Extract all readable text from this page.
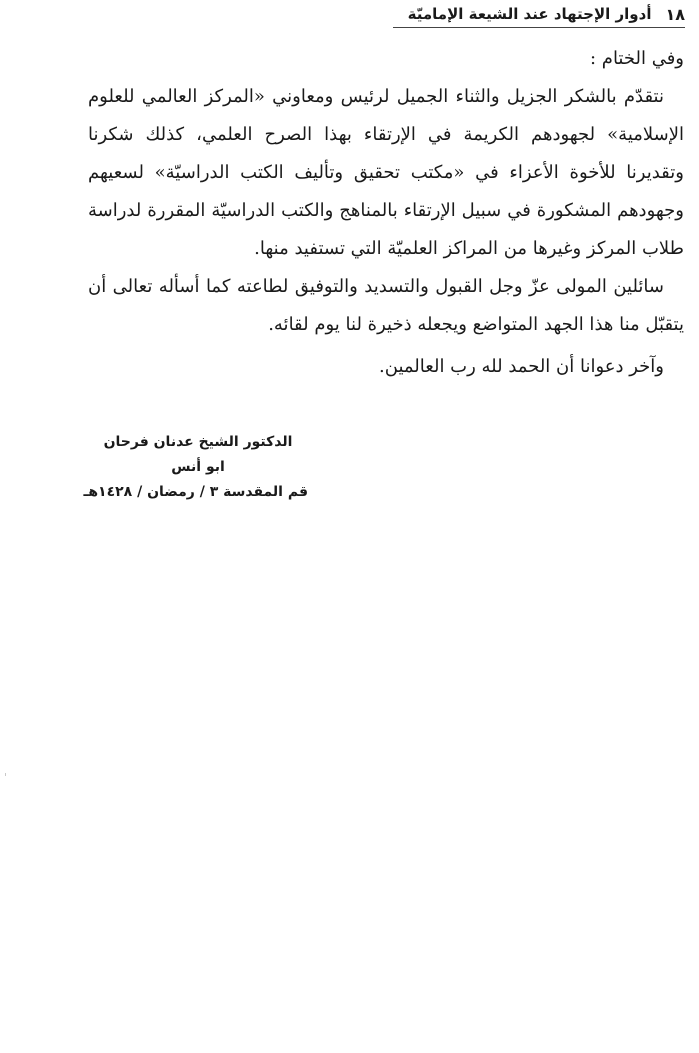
١٨
أدوار الإجتهاد عند الشيعة الإماميّة

وفي الختام :

نتقدّم بالشكر الجزيل والثناء الجميل لرئيس ومعاوني «المركز العالمي للعلوم الإسلامية» لجهودهم الكريمة في الإرتقاء بهذا الصرح العلمي، كذلك شكرنا وتقديرنا للأخوة الأعزاء في «مكتب تحقيق وتأليف الكتب الدراسيّة» لسعيهم وجهودهم المشكورة في سبيل الإرتقاء بالمناهج والكتب الدراسيّة المقررة لدراسة طلاب المركز وغيرها من المراكز العلميّة التي تستفيد منها.

سائلين المولى عزّ وجل القبول والتسديد والتوفيق لطاعته كما أسأله تعالى أن يتقبّل منا هذا الجهد المتواضع ويجعله ذخيرة لنا يوم لقائه.

وآخر دعوانا أن الحمد لله رب العالمين.

الدكتور الشيخ عدنان فرحان
ابو أنس
قم المقدسة ٣ / رمضان / ١٤٢٨هـ
